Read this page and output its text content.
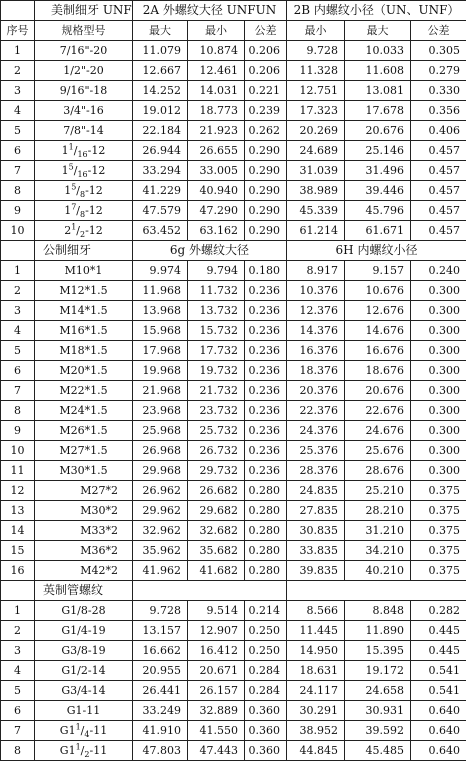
	美制细牙 UNF	2A 外螺纹大径 UNFUN			2B 内螺纹小径（UN、UNF）		
序号	规格型号	最大	最小	公差	最小	最大	公差
1	7/16"-20	11.079	10.874	0.206	9.728	10.033	0.305
2	1/2"-20	12.667	12.461	0.206	11.328	11.608	0.279
3	9/16"-18	14.252	14.031	0.221	12.751	13.081	0.330
4	3/4"-16	19.012	18.773	0.239	17.323	17.678	0.356
5	7/8"-14	22.184	21.923	0.262	20.269	20.676	0.406
6	$1^1/_{16}-12$	26.944	26.655	0.290	24.689	25.146	0.457
7	$1^5/_{16}-12$	33.294	33.005	0.290	31.039	31.496	0.457
8	$1^5/_8-12$	41.229	40.940	0.290	38.989	39.446	0.457
9	$1^7/_8-12$	47.579	47.290	0.290	45.339	45.796	0.457
10	$2^1/_2-12$	63.452	63.162	0.290	61.214	61.671	0.457
	公制细牙	6g 外螺纹大径			6H 内螺纹小径		
1	M10*1	9.974	9.794	0.180	8.917	9.157	0.240
2	M12*1.5	11.968	11.732	0.236	10.376	10.676	0.300
3	M14*1.5	13.968	13.732	0.236	12.376	12.676	0.300
4	M16*1.5	15.968	15.732	0.236	14.376	14.676	0.300
5	M18*1.5	17.968	17.732	0.236	16.376	16.676	0.300
6	M20*1.5	19.968	19.732	0.236	18.376	18.676	0.300
7	M22*1.5	21.968	21.732	0.236	20.376	20.676	0.300
8	M24*1.5	23.968	23.732	0.236	22.376	22.676	0.300
9	M26*1.5	25.968	25.732	0.236	24.376	24.676	0.300
10	M27*1.5	26.968	26.732	0.236	25.376	25.676	0.300
11	M30*1.5	29.968	29.732	0.236	28.376	28.676	0.300
12	M27*2	26.962	26.682	0.280	24.835	25.210	0.375
13	M30*2	29.962	29.682	0.280	27.835	28.210	0.375
14	M33*2	32.962	32.682	0.280	30.835	31.210	0.375
15	M36*2	35.962	35.682	0.280	33.835	34.210	0.375
16	M42*2	41.962	41.682	0.280	39.835	40.210	0.375
	英制管螺纹						
1	G1/8-28	9.728	9.514	0.214	8.566	8.848	0.282
2	G1/4-19	13.157	12.907	0.250	11.445	11.890	0.445
3	G3/8-19	16.662	16.412	0.250	14.950	15.395	0.445
4	G1/2-14	20.955	20.671	0.284	18.631	19.172	0.541
5	G3/4-14	26.441	26.157	0.284	24.117	24.658	0.541
6	G1-11	33.249	32.889	0.360	30.291	30.931	0.640
7	$G1^1/_4-11$	41.910	41.550	0.360	38.952	39.592	0.640
8	$G1^1/_2-11$	47.803	47.443	0.360	44.845	45.485	0.640
